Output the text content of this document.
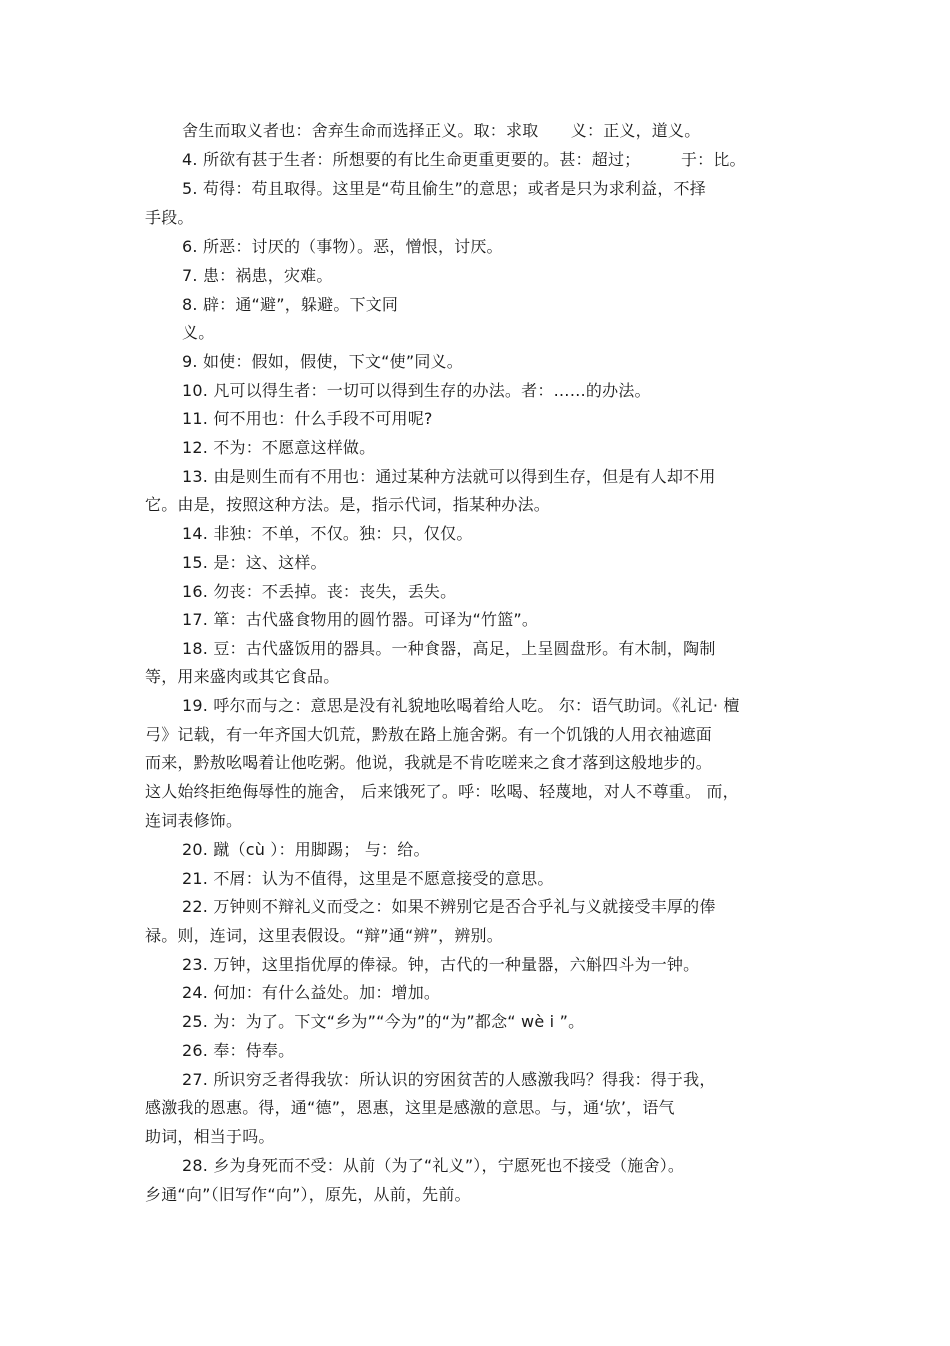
舍生而取义者也：舍弃生命而选择正义。取：求取　　义：正义，道义。
4. 所欲有甚于生者：所想要的有比生命更重更要的。甚：超过；　　　于：比。
5. 苟得：苟且取得。这里是“苟且偷生”的意思；或者是只为求利益，不择
手段。
6. 所恶：讨厌的（事物）。恶，憎恨，讨厌。
7. 患：祸患，灾难。
8. 辟：通“避”，躲避。下文同
义。
9. 如使：假如，假使，下文“使”同义。
10. 凡可以得生者：一切可以得到生存的办法。者：……的办法。
11. 何不用也：什么手段不可用呢?
12. 不为：不愿意这样做。
13. 由是则生而有不用也：通过某种方法就可以得到生存，但是有人却不用
它。由是，按照这种方法。是，指示代词，指某种办法。
14. 非独：不单，不仅。独：只，仅仅。
15. 是：这、这样。
16. 勿丧：不丢掉。丧：丧失，丢失。
17. 箪：古代盛食物用的圆竹器。可译为“竹篮”。
18. 豆：古代盛饭用的器具。一种食器，高足，上呈圆盘形。有木制，陶制
等，用来盛肉或其它食品。
19. 呼尔而与之：意思是没有礼貌地吆喝着给人吃。 尔：语气助词。《礼记· 檀
弓》记载，有一年齐国大饥荒，黔敖在路上施舍粥。有一个饥饿的人用衣袖遮面
而来，黔敖吆喝着让他吃粥。他说，我就是不肯吃嗟来之食才落到这般地步的。
这人始终拒绝侮辱性的施舍， 后来饿死了。呼：吆喝、轻蔑地，对人不尊重。 而，
连词表修饰。
20. 蹴（cù ）：用脚踢； 与：给。
21. 不屑：认为不值得，这里是不愿意接受的意思。
22. 万钟则不辩礼义而受之：如果不辨别它是否合乎礼与义就接受丰厚的俸
禄。则，连词，这里表假设。“辩”通“辨”，辨别。
23. 万钟，这里指优厚的俸禄。钟，古代的一种量器，六斛四斗为一钟。
24. 何加：有什么益处。加：增加。
25. 为：为了。下文“乡为”“今为”的“为”都念“ wè i ”。
26. 奉：侍奉。
27. 所识穷乏者得我欤：所认识的穷困贫苦的人感激我吗？得我：得于我，
感激我的恩惠。得，通“德”，恩惠，这里是感激的意思。与，通‘欤’，语气
助词，相当于吗。
28. 乡为身死而不受：从前（为了“礼义”），宁愿死也不接受（施舍）。
乡通“向”（旧写作“向”），原先，从前，先前。
